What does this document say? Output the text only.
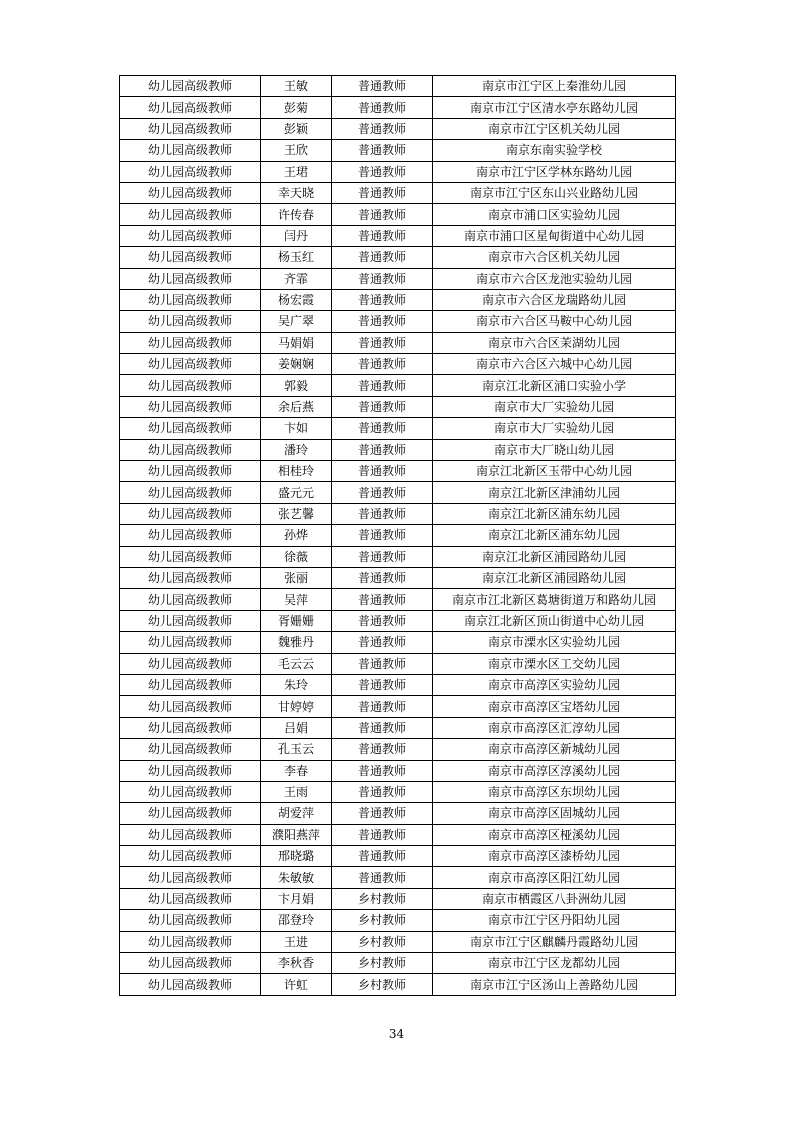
幼儿园高级教师	王敏	普通教师	南京市江宁区上秦淮幼儿园
幼儿园高级教师	彭菊	普通教师	南京市江宁区清水亭东路幼儿园
幼儿园高级教师	彭颖	普通教师	南京市江宁区机关幼儿园
幼儿园高级教师	王欣	普通教师	南京东南实验学校
幼儿园高级教师	王珺	普通教师	南京市江宁区学林东路幼儿园
幼儿园高级教师	幸天晓	普通教师	南京市江宁区东山兴业路幼儿园
幼儿园高级教师	许传春	普通教师	南京市浦口区实验幼儿园
幼儿园高级教师	闫丹	普通教师	南京市浦口区星甸街道中心幼儿园
幼儿园高级教师	杨玉红	普通教师	南京市六合区机关幼儿园
幼儿园高级教师	齐霏	普通教师	南京市六合区龙池实验幼儿园
幼儿园高级教师	杨宏霞	普通教师	南京市六合区龙瑞路幼儿园
幼儿园高级教师	吴广翠	普通教师	南京市六合区马鞍中心幼儿园
幼儿园高级教师	马娟娟	普通教师	南京市六合区茉湖幼儿园
幼儿园高级教师	姜娴娴	普通教师	南京市六合区六城中心幼儿园
幼儿园高级教师	郭毅	普通教师	南京江北新区浦口实验小学
幼儿园高级教师	余后燕	普通教师	南京市大厂实验幼儿园
幼儿园高级教师	卞如	普通教师	南京市大厂实验幼儿园
幼儿园高级教师	潘玲	普通教师	南京市大厂晓山幼儿园
幼儿园高级教师	相桂玲	普通教师	南京江北新区玉带中心幼儿园
幼儿园高级教师	盛元元	普通教师	南京江北新区津浦幼儿园
幼儿园高级教师	张艺馨	普通教师	南京江北新区浦东幼儿园
幼儿园高级教师	孙烨	普通教师	南京江北新区浦东幼儿园
幼儿园高级教师	徐薇	普通教师	南京江北新区浦园路幼儿园
幼儿园高级教师	张丽	普通教师	南京江北新区浦园路幼儿园
幼儿园高级教师	吴萍	普通教师	南京市江北新区葛塘街道万和路幼儿园
幼儿园高级教师	胥姗姗	普通教师	南京江北新区顶山街道中心幼儿园
幼儿园高级教师	魏雅丹	普通教师	南京市溧水区实验幼儿园
幼儿园高级教师	毛云云	普通教师	南京市溧水区工交幼儿园
幼儿园高级教师	朱玲	普通教师	南京市高淳区实验幼儿园
幼儿园高级教师	甘婷婷	普通教师	南京市高淳区宝塔幼儿园
幼儿园高级教师	吕娟	普通教师	南京市高淳区汇淳幼儿园
幼儿园高级教师	孔玉云	普通教师	南京市高淳区新城幼儿园
幼儿园高级教师	李春	普通教师	南京市高淳区淳溪幼儿园
幼儿园高级教师	王雨	普通教师	南京市高淳区东坝幼儿园
幼儿园高级教师	胡爱萍	普通教师	南京市高淳区固城幼儿园
幼儿园高级教师	濮阳燕萍	普通教师	南京市高淳区桠溪幼儿园
幼儿园高级教师	邢晓璐	普通教师	南京市高淳区漆桥幼儿园
幼儿园高级教师	朱敏敏	普通教师	南京市高淳区阳江幼儿园
幼儿园高级教师	卞月娟	乡村教师	南京市栖霞区八卦洲幼儿园
幼儿园高级教师	邵登玲	乡村教师	南京市江宁区丹阳幼儿园
幼儿园高级教师	王进	乡村教师	南京市江宁区麒麟丹霞路幼儿园
幼儿园高级教师	李秋香	乡村教师	南京市江宁区龙都幼儿园
幼儿园高级教师	许虹	乡村教师	南京市江宁区汤山上善路幼儿园
34
